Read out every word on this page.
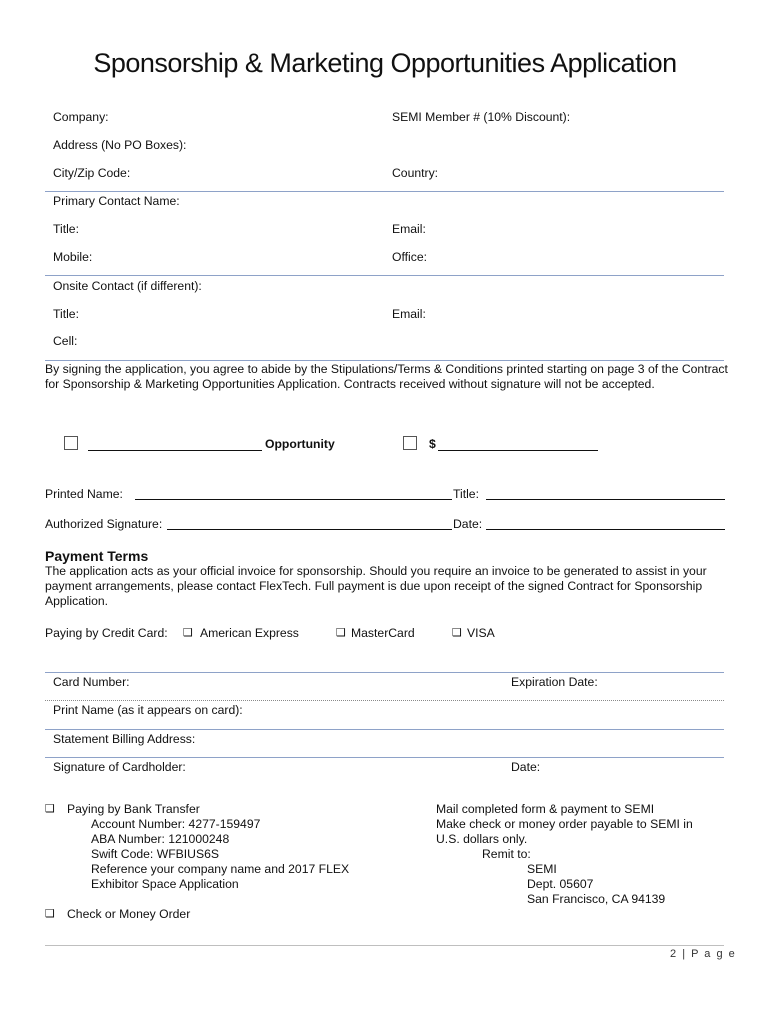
Sponsorship & Marketing Opportunities Application
Company:	SEMI Member # (10% Discount):
Address (No PO Boxes):
City/Zip Code:	Country:
Primary Contact Name:
Title:	Email:
Mobile:	Office:
Onsite Contact (if different):
Title:	Email:
Cell:
By signing the application, you agree to abide by the Stipulations/Terms & Conditions printed starting on page 3 of the Contract for Sponsorship & Marketing Opportunities Application. Contracts received without signature will not be accepted.
Opportunity	$
Printed Name:	Title:
Authorized Signature:	Date:
Payment Terms
The application acts as your official invoice for sponsorship. Should you require an invoice to be generated to assist in your payment arrangements, please contact FlexTech. Full payment is due upon receipt of the signed Contract for Sponsorship Application.
Paying by Credit Card: ❑ American Express	❑ MasterCard	❑ VISA
Card Number:	Expiration Date:
Print Name (as it appears on card):
Statement Billing Address:
Signature of Cardholder:	Date:
❑ Paying by Bank Transfer
Account Number: 4277-159497
ABA Number: 121000248
Swift Code: WFBIUS6S
Reference your company name and 2017 FLEX
Exhibitor Space Application
❑ Check or Money Order
Mail completed form & payment to SEMI
Make check or money order payable to SEMI in
U.S. dollars only.
Remit to:
SEMI
Dept. 05607
San Francisco, CA 94139
2 | P a g e
